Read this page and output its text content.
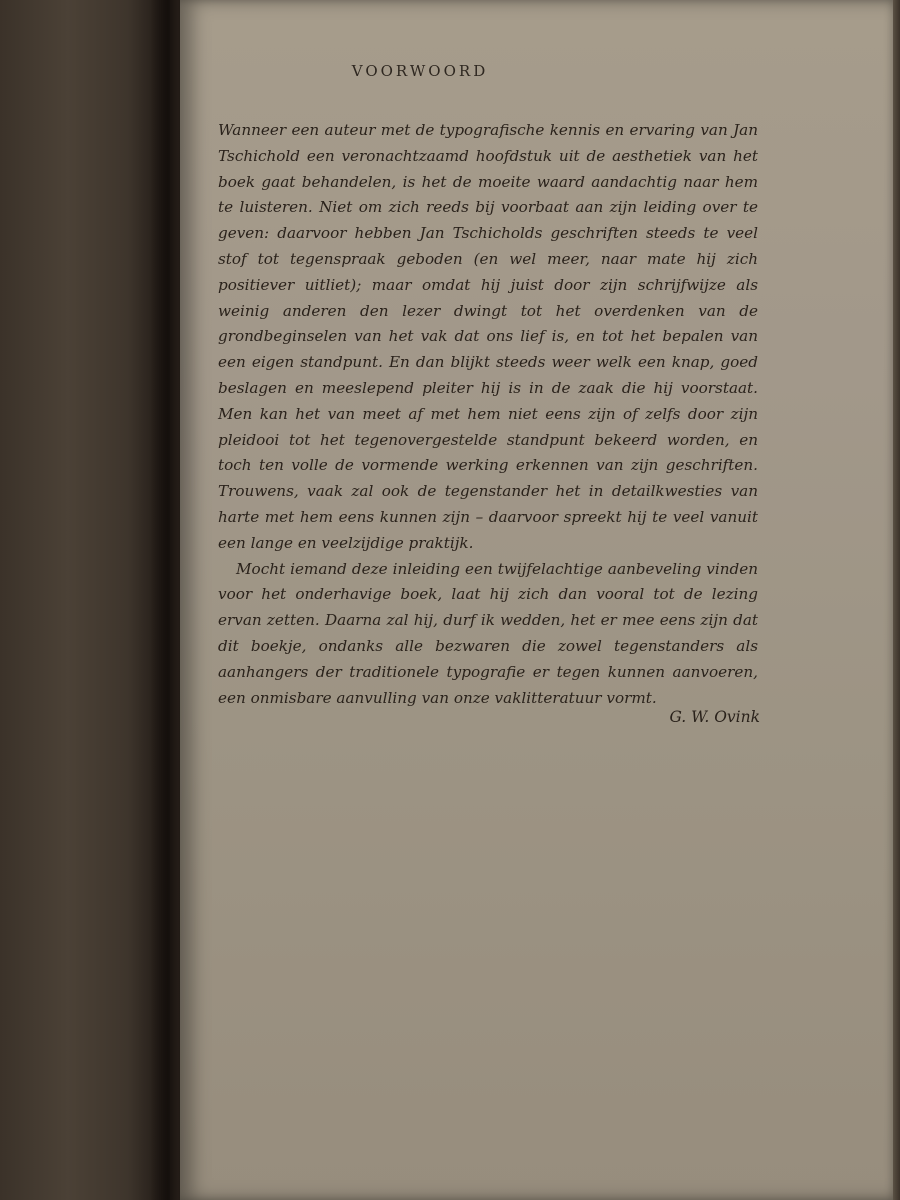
VOORWOORD

Wanneer een auteur met de typografische kennis en ervaring van Jan Tschichold een veronachtzaamd hoofdstuk uit de aesthetiek van het boek gaat behandelen, is het de moeite waard aandachtig naar hem te luisteren. Niet om zich reeds bij voorbaat aan zijn leiding over te geven: daarvoor hebben Jan Tschicholds geschriften steeds te veel stof tot tegenspraak geboden (en wel meer, naar mate hij zich positiever uitliet); maar omdat hij juist door zijn schrijfwijze als weinig anderen den lezer dwingt tot het overdenken van de grondbeginselen van het vak dat ons lief is, en tot het bepalen van een eigen standpunt. En dan blijkt steeds weer welk een knap, goed beslagen en meeslepend pleiter hij is in de zaak die hij voorstaat. Men kan het van meet af met hem niet eens zijn of zelfs door zijn pleidooi tot het tegenovergestelde standpunt bekeerd worden, en toch ten volle de vormende werking erkennen van zijn geschriften. Trouwens, vaak zal ook de tegenstander het in detailkwesties van harte met hem eens kunnen zijn – daarvoor spreekt hij te veel vanuit een lange en veelzijdige praktijk.

Mocht iemand deze inleiding een twijfelachtige aanbeveling vinden voor het onderhavige boek, laat hij zich dan vooral tot de lezing ervan zetten. Daarna zal hij, durf ik wedden, het er mee eens zijn dat dit boekje, ondanks alle bezwaren die zowel tegenstanders als aanhangers der traditionele typografie er tegen kunnen aanvoeren, een onmisbare aanvulling van onze vaklitteratuur vormt.

G. W. Ovink
